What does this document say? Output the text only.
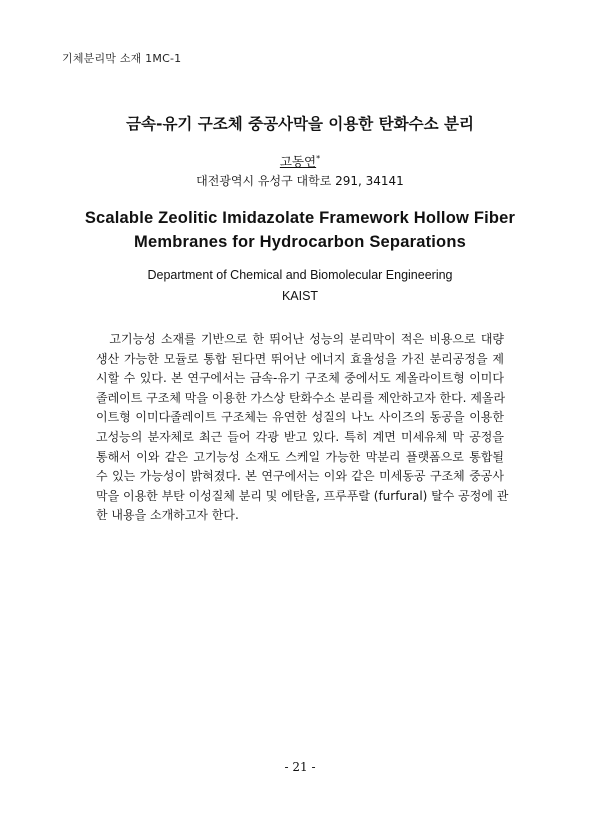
기체분리막 소재 1MC-1
금속-유기 구조체 중공사막을 이용한 탄화수소 분리
고동연*
대전광역시 유성구 대학로 291, 34141
Scalable Zeolitic Imidazolate Framework Hollow Fiber
Membranes for Hydrocarbon Separations
Department of Chemical and Biomolecular Engineering
KAIST
　고기능성 소재를 기반으로 한 뛰어난 성능의 분리막이 적은 비용으로 대량
생산 가능한 모듈로 통합 된다면 뛰어난 에너지 효율성을 가진 분리공정을 제
시할 수 있다. 본 연구에서는 금속-유기 구조체 중에서도 제올라이트형 이미다
졸레이트 구조체 막을 이용한 가스상 탄화수소 분리를 제안하고자 한다. 제올라
이트형 이미다졸레이트 구조체는 유연한 성질의 나노 사이즈의 동공을 이용한
고성능의 분자체로 최근 들어 각광 받고 있다. 특히 계면 미세유체 막 공정을
통해서 이와 같은 고기능성 소재도 스케일 가능한 막분리 플랫폼으로 통합될
수 있는 가능성이 밝혀졌다. 본 연구에서는 이와 같은 미세동공 구조체 중공사
막을 이용한 부탄 이성질체 분리 및 에탄올, 프루푸랄 (furfural) 탈수 공정에 관
한 내용을 소개하고자 한다.
- 21 -
